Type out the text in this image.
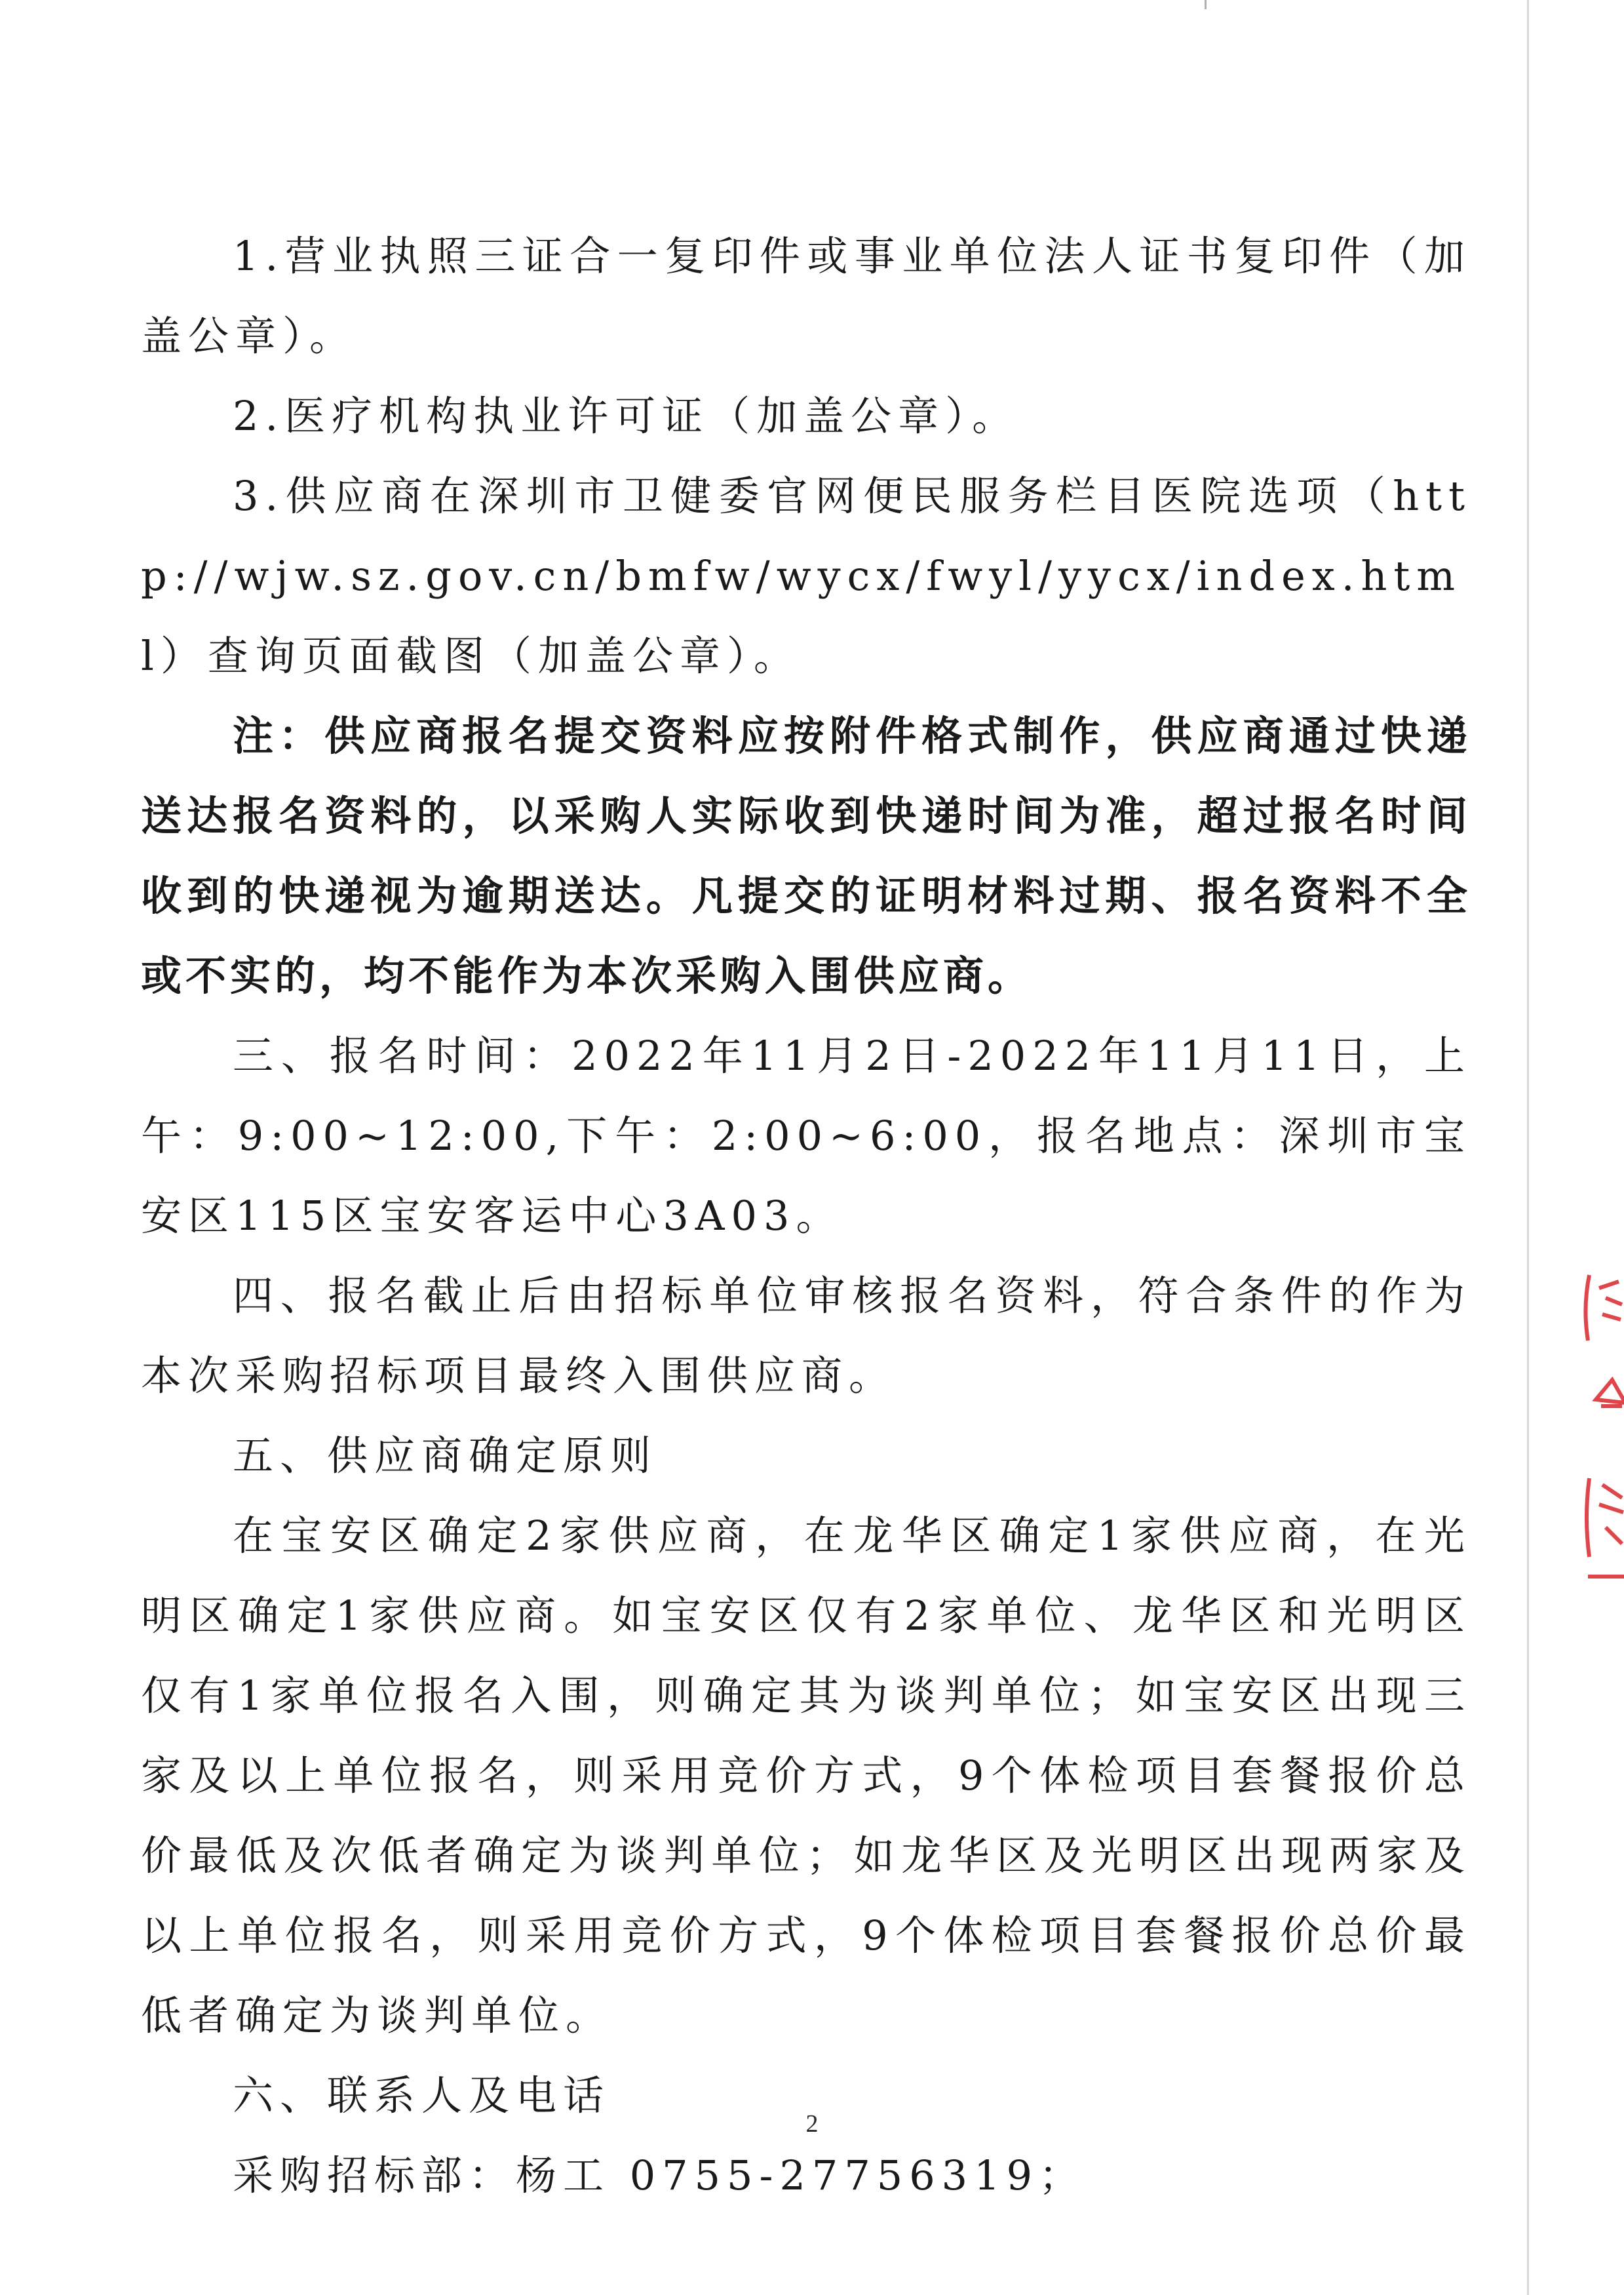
1.营业执照三证合一复印件或事业单位法人证书复印件（加盖公章）。

2.医疗机构执业许可证（加盖公章）。

3.供应商在深圳市卫健委官网便民服务栏目医院选项（http://wjw.sz.gov.cn/bmfw/wycx/fwyl/yycx/index.html）查询页面截图（加盖公章）。

注：供应商报名提交资料应按附件格式制作，供应商通过快递送达报名资料的，以采购人实际收到快递时间为准，超过报名时间收到的快递视为逾期送达。凡提交的证明材料过期、报名资料不全或不实的，均不能作为本次采购入围供应商。

三、报名时间：2022年11月2日-2022年11月11日，上午：9:00~12:00,下午：2:00~6:00，报名地点：深圳市宝安区115区宝安客运中心3A03。

四、报名截止后由招标单位审核报名资料，符合条件的作为本次采购招标项目最终入围供应商。

五、供应商确定原则

在宝安区确定2家供应商，在龙华区确定1家供应商，在光明区确定1家供应商。如宝安区仅有2家单位、龙华区和光明区仅有1家单位报名入围，则确定其为谈判单位；如宝安区出现三家及以上单位报名，则采用竞价方式，9个体检项目套餐报价总价最低及次低者确定为谈判单位；如龙华区及光明区出现两家及以上单位报名，则采用竞价方式，9个体检项目套餐报价总价最低者确定为谈判单位。

六、联系人及电话

采购招标部：杨工 0755-27756319；

2
